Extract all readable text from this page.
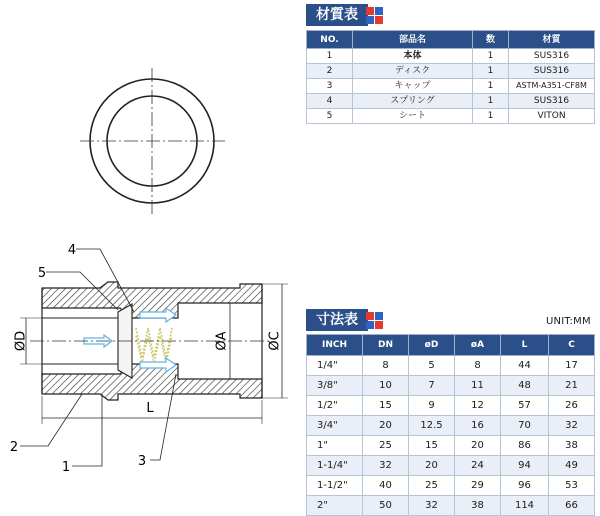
ØD	ØA	ØC
L
4
5
2
1	3
材質表
NO.	部品名	数	材質
1	本体	1	SUS316
2	ディスク	1	SUS316
3	キャップ	1	ASTM-A351-CF8M
4	スプリング	1	SUS316
5	シート	1	VITON
寸法表	UNIT:MM
INCH	DN	øD	øA	L	C
1/4"	8	5	8	44	17
3/8"	10	7	11	48	21
1/2"	15	9	12	57	26
3/4"	20	12.5	16	70	32
1"	25	15	20	86	38
1-1/4"	32	20	24	94	49
1-1/2"	40	25	29	96	53
2"	50	32	38	114	66
